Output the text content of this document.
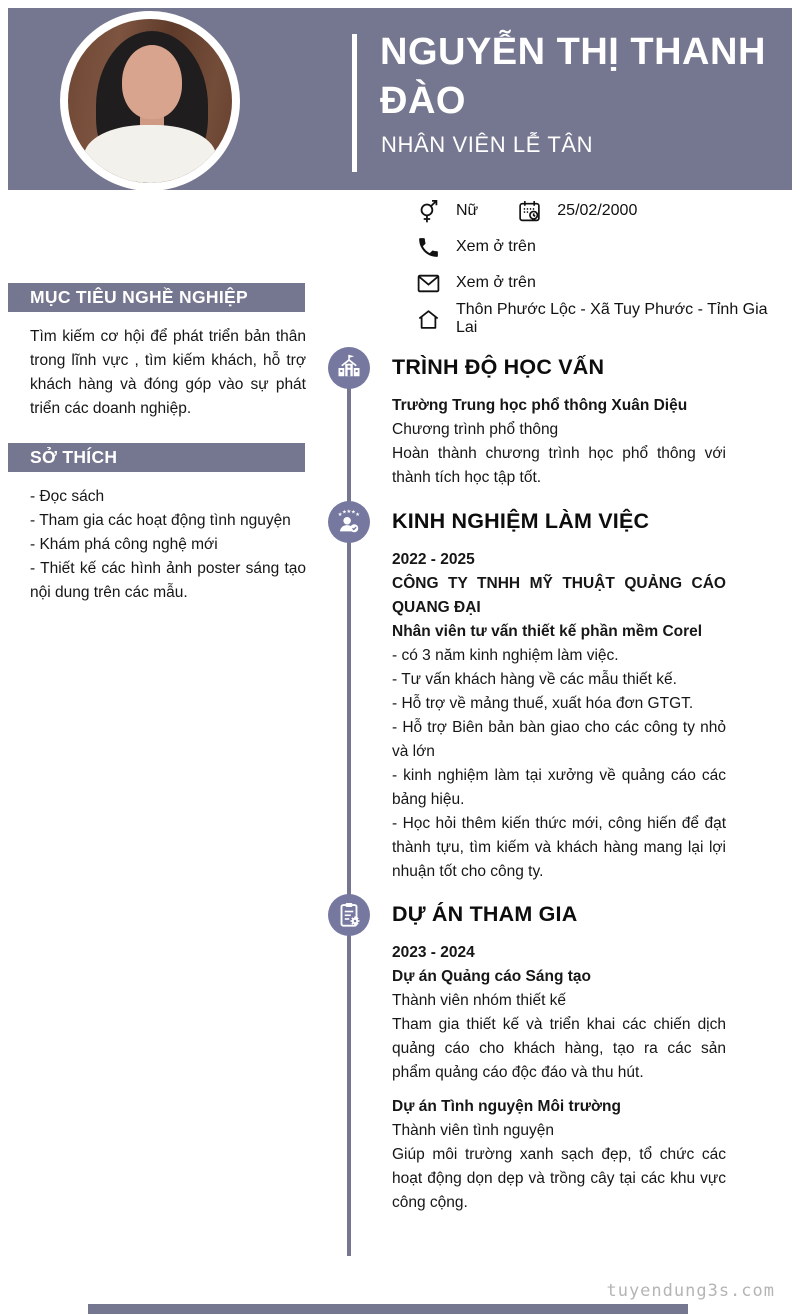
NGUYỄN THỊ THANH ĐÀO
NHÂN VIÊN LỄ TÂN
Nữ	25/02/2000
Xem ở trên
Xem ở trên
Thôn Phước Lộc - Xã Tuy Phước - Tỉnh Gia Lai
MỤC TIÊU NGHỀ NGHIỆP
Tìm kiếm cơ hội để phát triển bản thân trong lĩnh vực , tìm kiếm khách, hỗ trợ khách hàng và đóng góp vào sự phát triển các doanh nghiệp.
SỞ THÍCH
- Đọc sách
- Tham gia các hoạt động tình nguyện
- Khám phá công nghệ mới
- Thiết kế các hình ảnh poster sáng tạo nội dung trên các mẫu.
TRÌNH ĐỘ HỌC VẤN
Trường Trung học phổ thông Xuân Diệu
Chương trình phổ thông
Hoàn thành chương trình học phổ thông với thành tích học tập tốt.
★ ★ ★ ★ ★ KINH NGHIỆM LÀM VIỆC
2022 - 2025
CÔNG TY TNHH MỸ THUẬT QUẢNG CÁO QUANG ĐẠI
Nhân viên tư vấn thiết kế phần mềm Corel
- có 3 năm kinh nghiệm làm việc.
- Tư vấn khách hàng về các mẫu thiết kế.
- Hỗ trợ về mảng thuế, xuất hóa đơn GTGT.
- Hỗ trợ Biên bản bàn giao cho các công ty nhỏ và lớn
- kinh nghiệm làm tại xưởng về quảng cáo các bảng hiệu.
- Học hỏi thêm kiến thức mới, công hiến để đạt thành tựu, tìm kiếm và khách hàng mang lại lợi nhuận tốt cho công ty.
DỰ ÁN THAM GIA
2023 - 2024
Dự án Quảng cáo Sáng tạo
Thành viên nhóm thiết kế
Tham gia thiết kế và triển khai các chiến dịch quảng cáo cho khách hàng, tạo ra các sản phẩm quảng cáo độc đáo và thu hút.
Dự án Tình nguyện Môi trường
Thành viên tình nguyện
Giúp môi trường xanh sạch đẹp, tổ chức các hoạt động dọn dẹp và trồng cây tại các khu vực công cộng.
tuyendung3s.com
